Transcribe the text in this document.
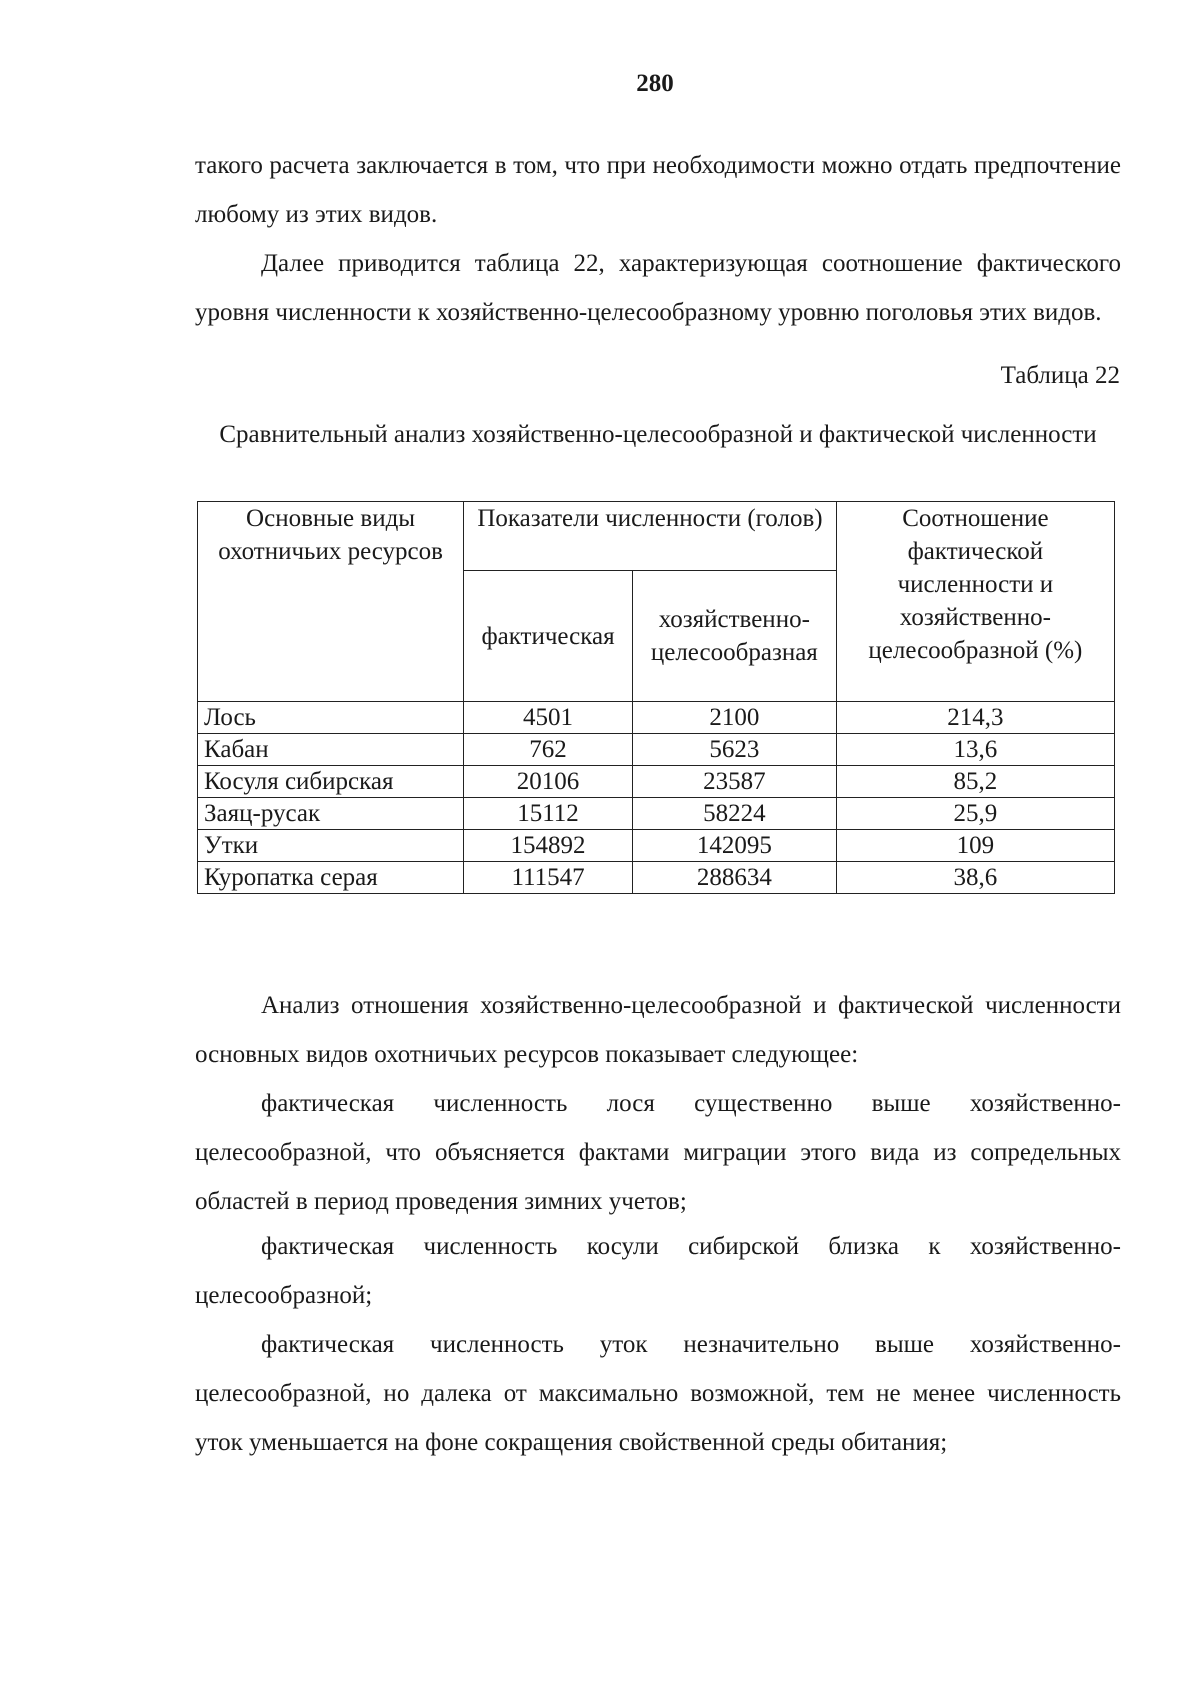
280

такого расчета заключается в том, что при необходимости можно отдать предпочтение любому из этих видов.

Далее приводится таблица 22, характеризующая соотношение фактического уровня численности к хозяйственно-целесообразному уровню поголовья этих видов.

Таблица 22
Сравнительный анализ хозяйственно-целесообразной и фактической численности
Основные виды охотничьих ресурсов	Показатели численности (голов)		Соотношение фактической численности и хозяйственно-целесообразной (%)
	фактическая	хозяйственно-целесообразная	
Лось	4501	2100	214,3
Кабан	762	5623	13,6
Косуля сибирская	20106	23587	85,2
Заяц-русак	15112	58224	25,9
Утки	154892	142095	109
Куропатка серая	111547	288634	38,6

Анализ отношения хозяйственно-целесообразной и фактической численности основных видов охотничьих ресурсов показывает следующее:

фактическая численность лося существенно выше хозяйственно-целесообразной, что объясняется фактами миграции этого вида из сопредельных областей в период проведения зимних учетов;

фактическая численность косули сибирской близка к хозяйственно-целесообразной;

фактическая численность уток незначительно выше хозяйственно-целесообразной, но далека от максимально возможной, тем не менее численность уток уменьшается на фоне сокращения свойственной среды обитания;
